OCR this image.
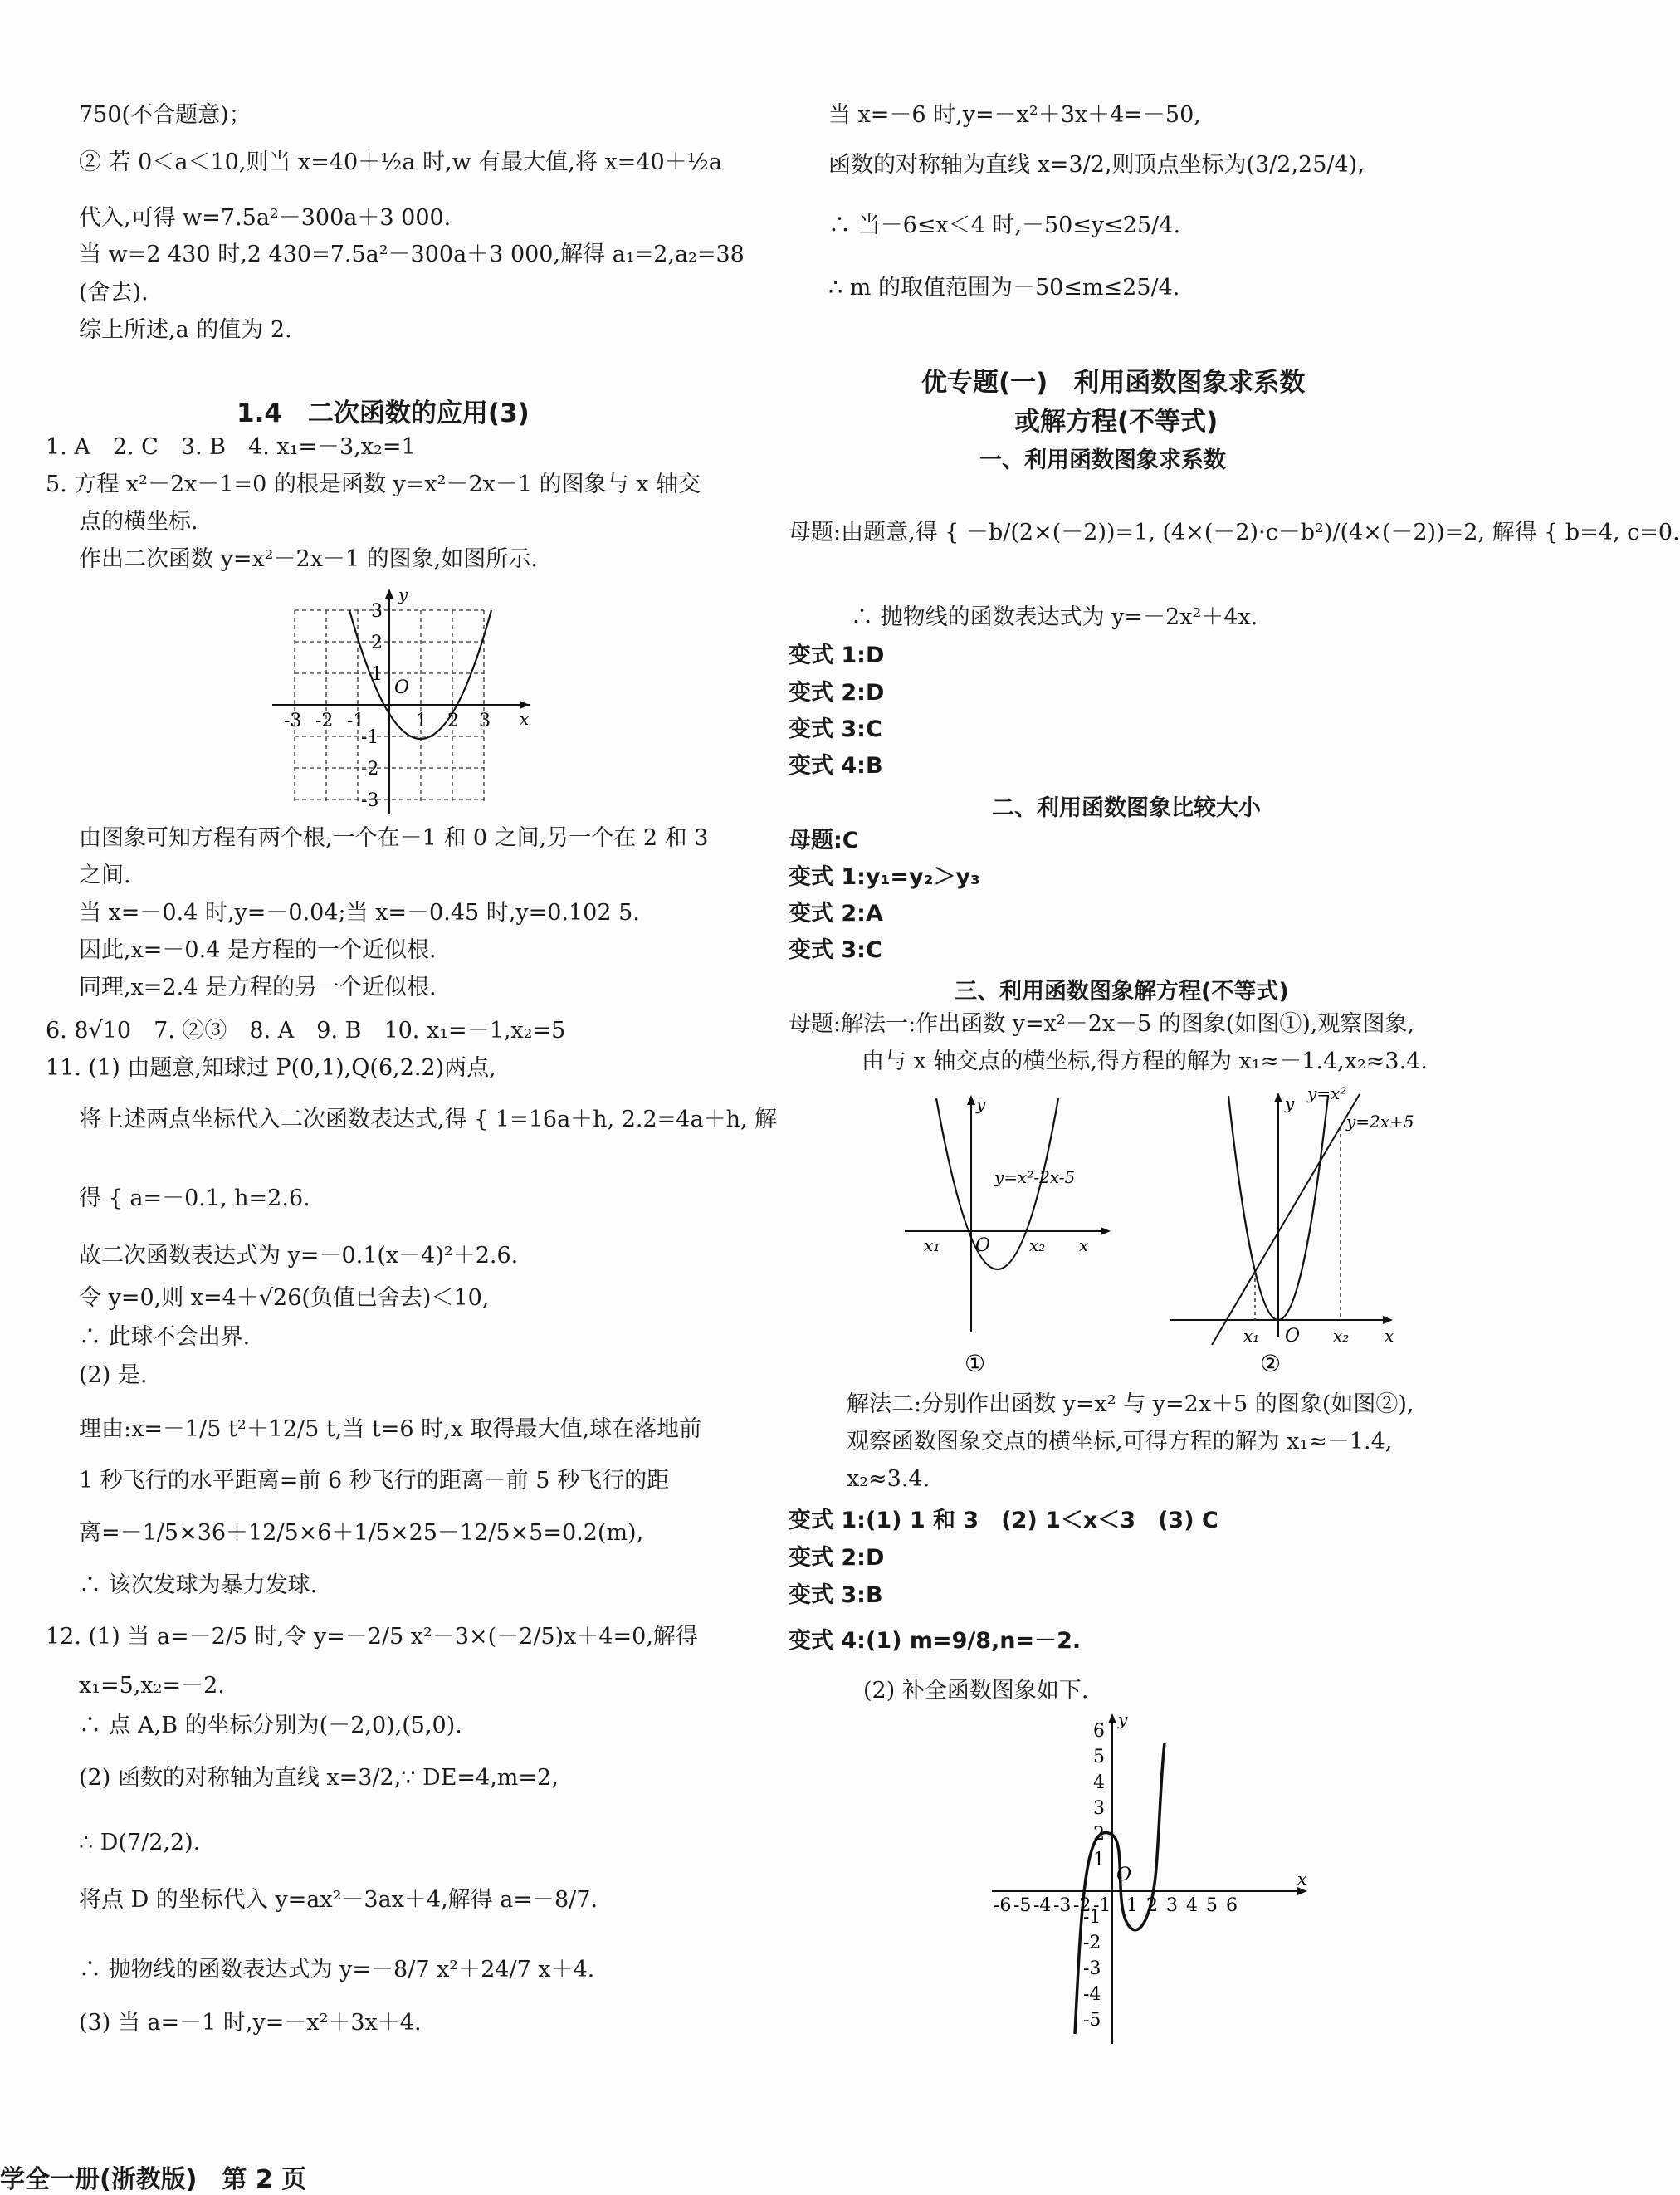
750(不合题意)；
② 若 0＜a＜10,则当 x=40＋½a 时,w 有最大值,将 x=40＋½a
代入,可得 w=7.5a²－300a＋3 000.
当 w=2 430 时,2 430=7.5a²－300a＋3 000,解得 a₁=2,a₂=38
(舍去).
综上所述,a 的值为 2.
1.4　二次函数的应用(3)
1. A　2. C　3. B　4. x₁=－3,x₂=1
5. 方程 x²－2x－1=0 的根是函数 y=x²－2x－1 的图象与 x 轴交
点的横坐标.
作出二次函数 y=x²－2x－1 的图象,如图所示.
y
x
O
-3 -2 -1	1 2 3
3
2
1
-1
-2
-3
由图象可知方程有两个根,一个在－1 和 0 之间,另一个在 2 和 3
之间.
当 x=－0.4 时,y=－0.04;当 x=－0.45 时,y=0.102 5.
因此,x=－0.4 是方程的一个近似根.
同理,x=2.4 是方程的另一个近似根.
6. 8√10　7. ②③　8. A　9. B　10. x₁=－1,x₂=5
11. (1) 由题意,知球过 P(0,1),Q(6,2.2)两点,
将上述两点坐标代入二次函数表达式,得 { 1=16a＋h, 2.2=4a＋h, 解
得 { a=－0.1, h=2.6.
故二次函数表达式为 y=－0.1(x－4)²＋2.6.
令 y=0,则 x=4＋√26(负值已舍去)＜10,
∴ 此球不会出界.
(2) 是.
理由:x=－1/5 t²＋12/5 t,当 t=6 时,x 取得最大值,球在落地前
1 秒飞行的水平距离=前 6 秒飞行的距离－前 5 秒飞行的距
离=－1/5×36＋12/5×6＋1/5×25－12/5×5=0.2(m),
∴ 该次发球为暴力发球.
12. (1) 当 a=－2/5 时,令 y=－2/5 x²－3×(－2/5)x＋4=0,解得
x₁=5,x₂=－2.
∴ 点 A,B 的坐标分别为(－2,0),(5,0).
(2) 函数的对称轴为直线 x=3/2,∵ DE=4,m=2,
∴ D(7/2,2).
将点 D 的坐标代入 y=ax²－3ax＋4,解得 a=－8/7.
∴ 抛物线的函数表达式为 y=－8/7 x²＋24/7 x＋4.
(3) 当 a=－1 时,y=－x²＋3x＋4.
当 x=－6 时,y=－x²＋3x＋4=－50,
函数的对称轴为直线 x=3/2,则顶点坐标为(3/2,25/4),
∴ 当－6≤x＜4 时,－50≤y≤25/4.
∴ m 的取值范围为－50≤m≤25/4.
优专题(一)　利用函数图象求系数
或解方程(不等式)
一、利用函数图象求系数
母题:由题意,得 { －b/(2×(－2))=1, (4×(－2)·c－b²)/(4×(－2))=2, 解得 { b=4, c=0.
∴ 抛物线的函数表达式为 y=－2x²＋4x.
变式 1:D
变式 2:D
变式 3:C
变式 4:B
二、利用函数图象比较大小
母题:C
变式 1:y₁=y₂＞y₃
变式 2:A
变式 3:C
三、利用函数图象解方程(不等式)
母题:解法一:作出函数 y=x²－2x－5 的图象(如图①),观察图象,
由与 x 轴交点的横坐标,得方程的解为 x₁≈－1.4,x₂≈3.4.
y
x
O
x₁	x₂
y=x²-2x-5
①
y
x
O
x₁	x₂
y=x²
y=2x+5
②
解法二:分别作出函数 y=x² 与 y=2x＋5 的图象(如图②),
观察函数图象交点的横坐标,可得方程的解为 x₁≈－1.4,
x₂≈3.4.
变式 1:(1) 1 和 3　(2) 1＜x＜3　(3) C
变式 2:D
变式 3:B
变式 4:(1) m=9/8,n=－2.
(2) 补全函数图象如下.
y
x
O
-6 -5 -4 -3 -2 -1 1 2 3 4 5 6
6
5
4
3
2
1
-1
-2
-3
-4
-5
学全一册(浙教版)　第 2 页
